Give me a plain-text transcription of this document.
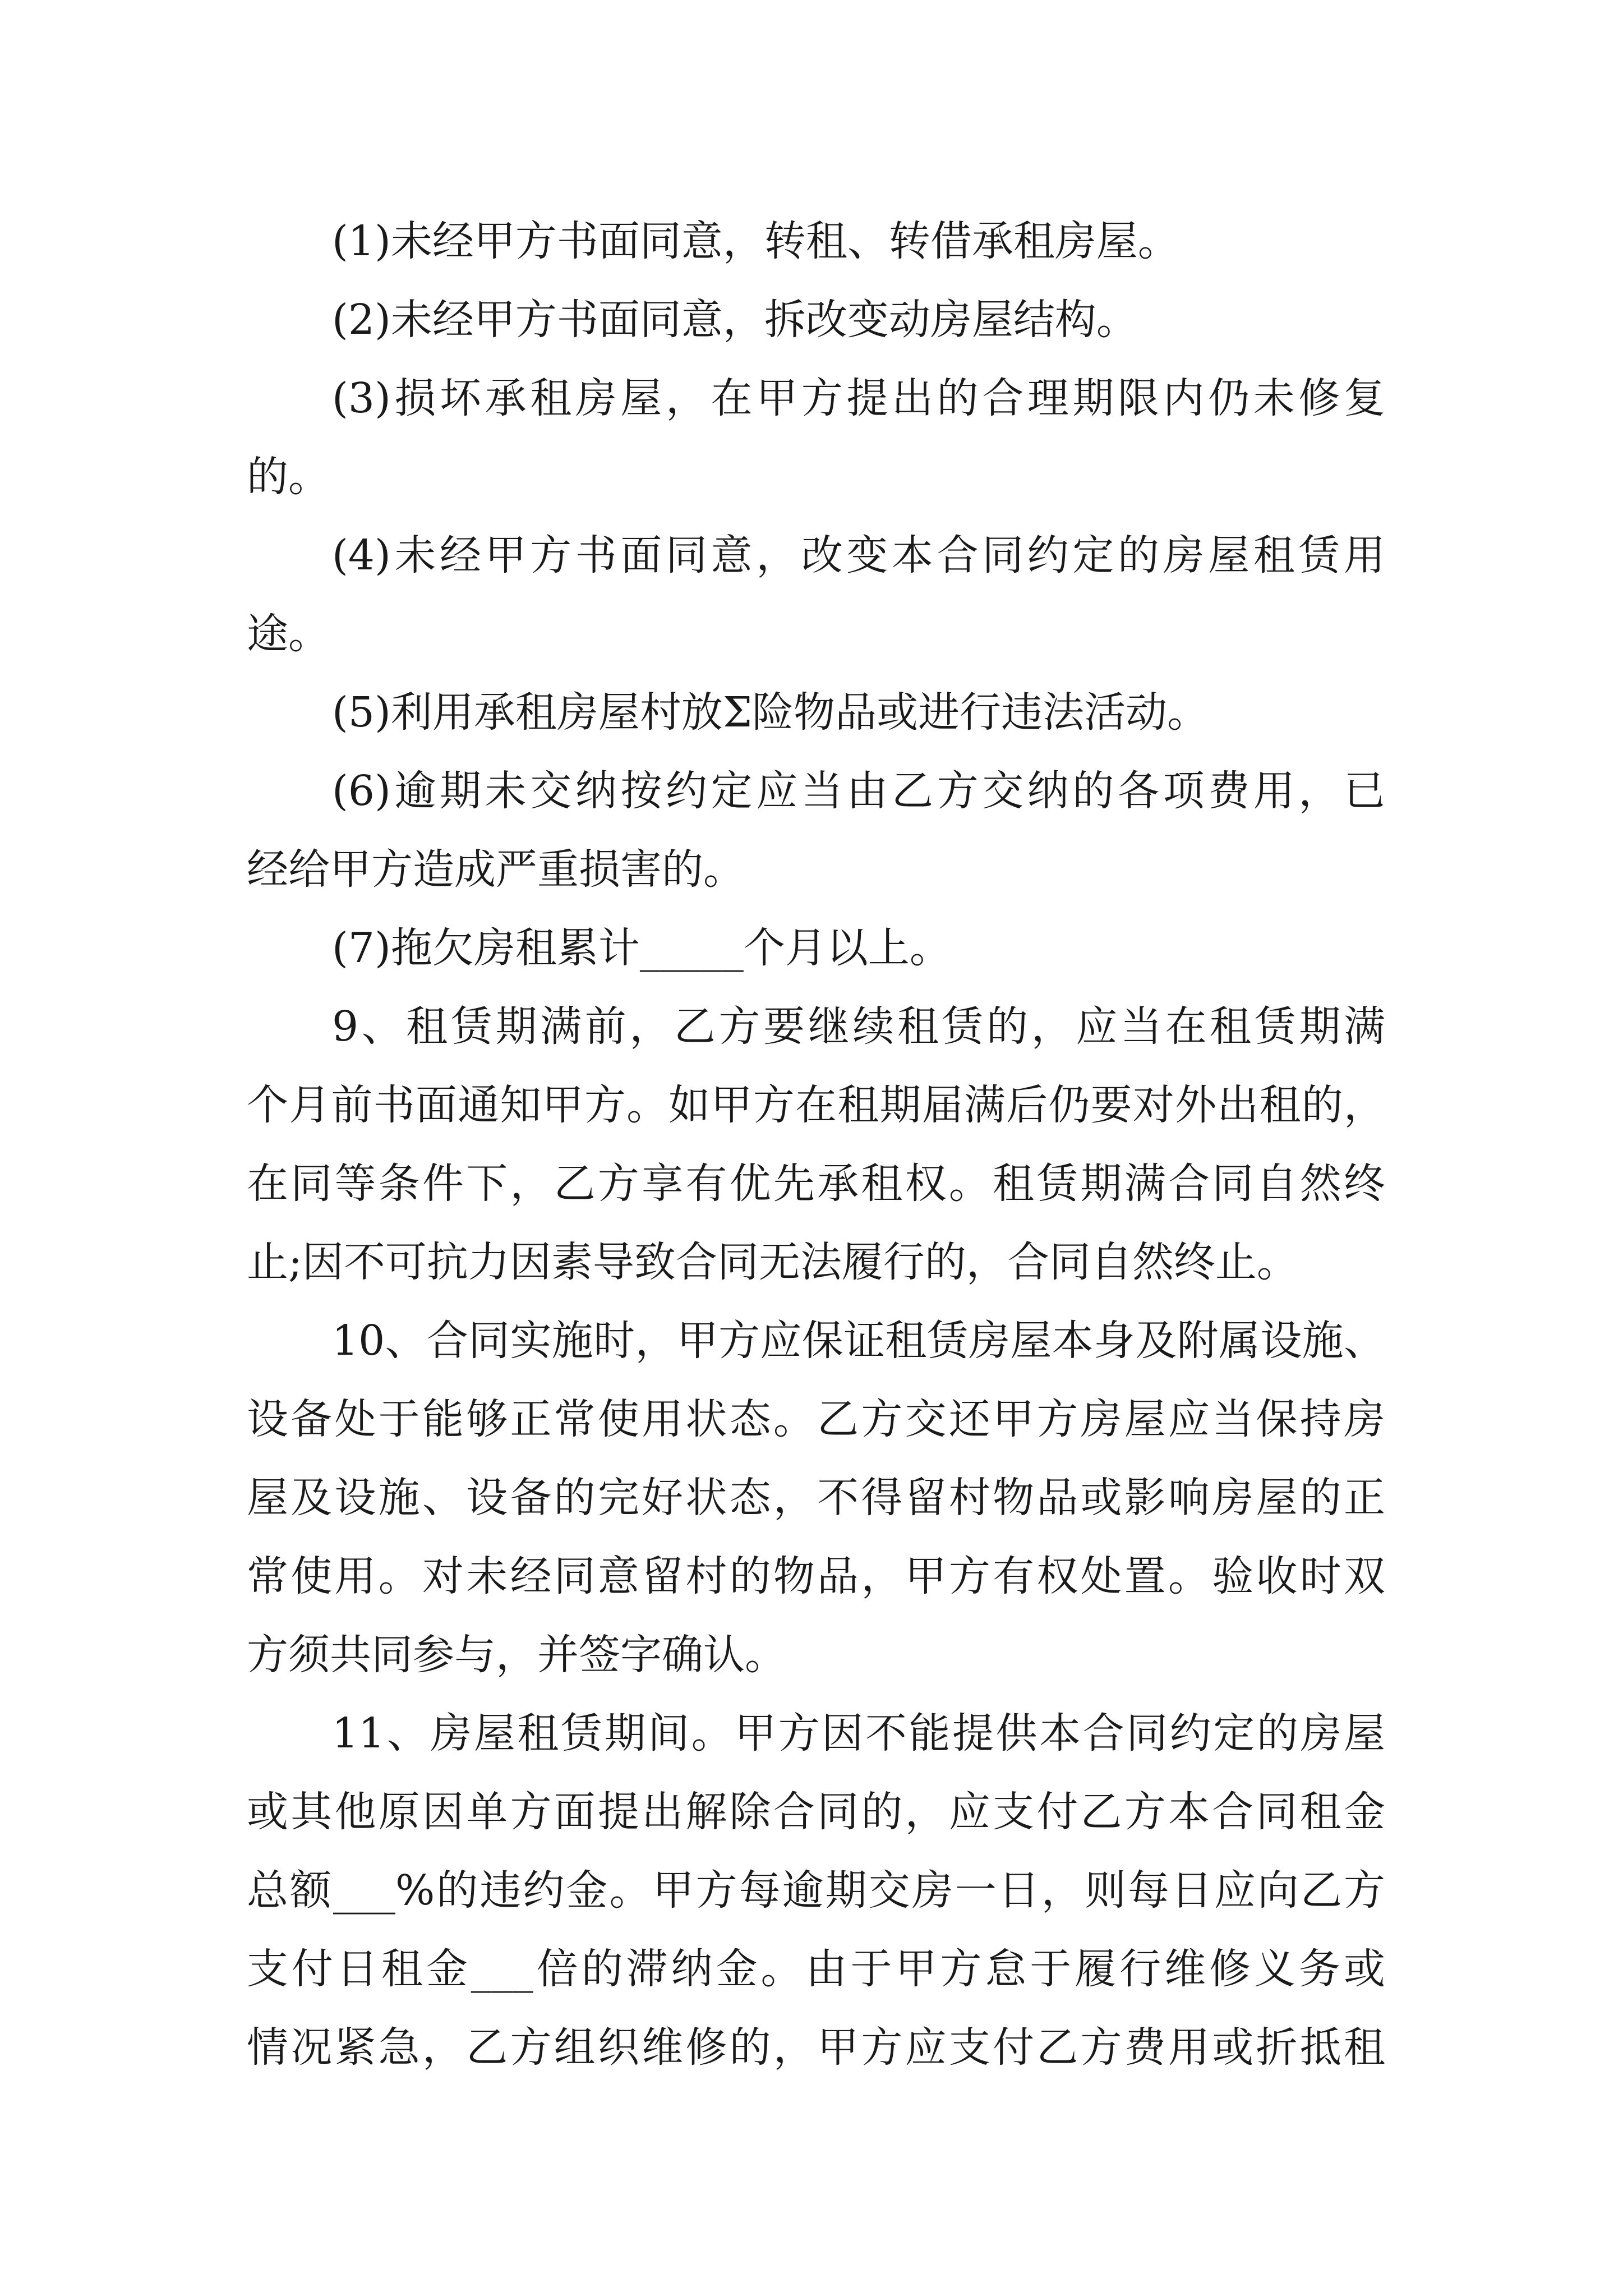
(1)未经甲方书面同意，转租、转借承租房屋。

(2)未经甲方书面同意，拆改变动房屋结构。

(3)损坏承租房屋，在甲方提出的合理期限内仍未修复

的。

(4)未经甲方书面同意，改变本合同约定的房屋租赁用

途。

(5)利用承租房屋村放Σ险物品或进行违法活动。

(6)逾期未交纳按约定应当由乙方交纳的各项费用，已

经给甲方造成严重损害的。

(7)拖欠房租累计_____个月以上。

9、租赁期满前，乙方要继续租赁的，应当在租赁期满

个月前书面通知甲方。如甲方在租期届满后仍要对外出租的，

在同等条件下，乙方享有优先承租权。租赁期满合同自然终

止;因不可抗力因素导致合同无法履行的，合同自然终止。

10、合同实施时，甲方应保证租赁房屋本身及附属设施、

设备处于能够正常使用状态。乙方交还甲方房屋应当保持房

屋及设施、设备的完好状态，不得留村物品或影响房屋的正

常使用。对未经同意留村的物品，甲方有权处置。验收时双

方须共同参与，并签字确认。

11、房屋租赁期间。甲方因不能提供本合同约定的房屋

或其他原因单方面提出解除合同的，应支付乙方本合同租金

总额___%的违约金。甲方每逾期交房一日，则每日应向乙方

支付日租金___倍的滞纳金。由于甲方怠于履行维修义务或

情况紧急，乙方组织维修的，甲方应支付乙方费用或折抵租
